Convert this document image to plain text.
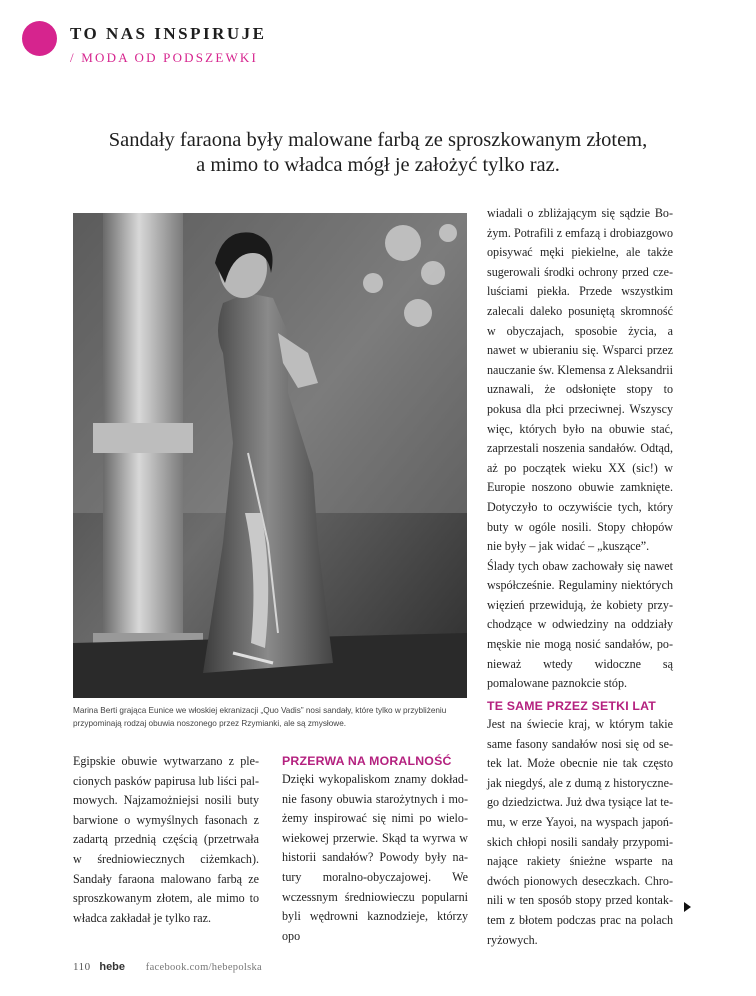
TO NAS INSPIRUJE
/ MODA OD PODSZEWKI
Sandały faraona były malowane farbą ze sproszkowanym złotem,
a mimo to władca mógł je założyć tylko raz.
Marina Berti grająca Eunice we włoskiej ekranizacji „Quo Vadis” nosi sandały, które tylko w przybliżeniu przypominają rodzaj obuwia noszonego przez Rzymianki, ale są zmysłowe.

Egipskie obuwie wytwarzano z plecionych pasków papirusa lub liści palmowych. Najzamożniejsi nosili buty barwione o wymyślnych fasonach z zadartą przednią częścią (przetrwała w średniowiecznych ciżemkach). Sandały faraona malowano farbą ze sproszkowanym złotem, ale mimo to władca zakładał je tylko raz.

PRZERWA NA MORALNOŚĆ

Dzięki wykopaliskom znamy dokładnie fasony obuwia starożytnych i możemy inspirować się nimi po wielowiekowej przerwie. Skąd ta wyrwa w historii sandałów? Powody były natury moralno-obyczajowej. We wczessnym średniowieczu popularni byli wędrowni kaznodzieje, którzy opo

wiadali o zbliżającym się sądzie Bożym. Potrafili z emfazą i drobiazgowo opisywać męki piekielne, ale także sugerowali środki ochrony przed czeluściami piekła. Przede wszystkim zalecali daleko posuniętą skromność w obyczajach, sposobie życia, a nawet w ubieraniu się. Wsparci przez nauczanie św. Klemensa z Aleksandrii uznawali, że odsłonięte stopy to pokusa dla płci przeciwnej. Wszyscy więc, których było na obuwie stać, zaprzestali noszenia sandałów. Odtąd, aż po początek wieku XX (sic!) w Europie noszono obuwie zamknięte. Dotyczyło to oczywiście tych, który buty w ogóle nosili. Stopy chłopów nie były – jak widać – „kuszące”.

Ślady tych obaw zachowały się nawet współcześnie. Regulaminy niektórych więzień przewidują, że kobiety przychodzące w odwiedziny na oddziały męskie nie mogą nosić sandałów, ponieważ wtedy widoczne są pomalowane paznokcie stóp.

TE SAME PRZEZ SETKI LAT

Jest na świecie kraj, w którym takie same fasony sandałów nosi się od setek lat. Może obecnie nie tak często jak niegdyś, ale z dumą z historycznego dziedzictwa. Już dwa tysiące lat temu, w erze Yayoi, na wyspach japońskich chłopi nosili sandały przypominające rakiety śnieżne wsparte na dwóch pionowych deseczkach. Chronili w ten sposób stopy przed kontaktem z błotem podczas prac na polach ryżowych.

110 hebe facebook.com/hebepolska
